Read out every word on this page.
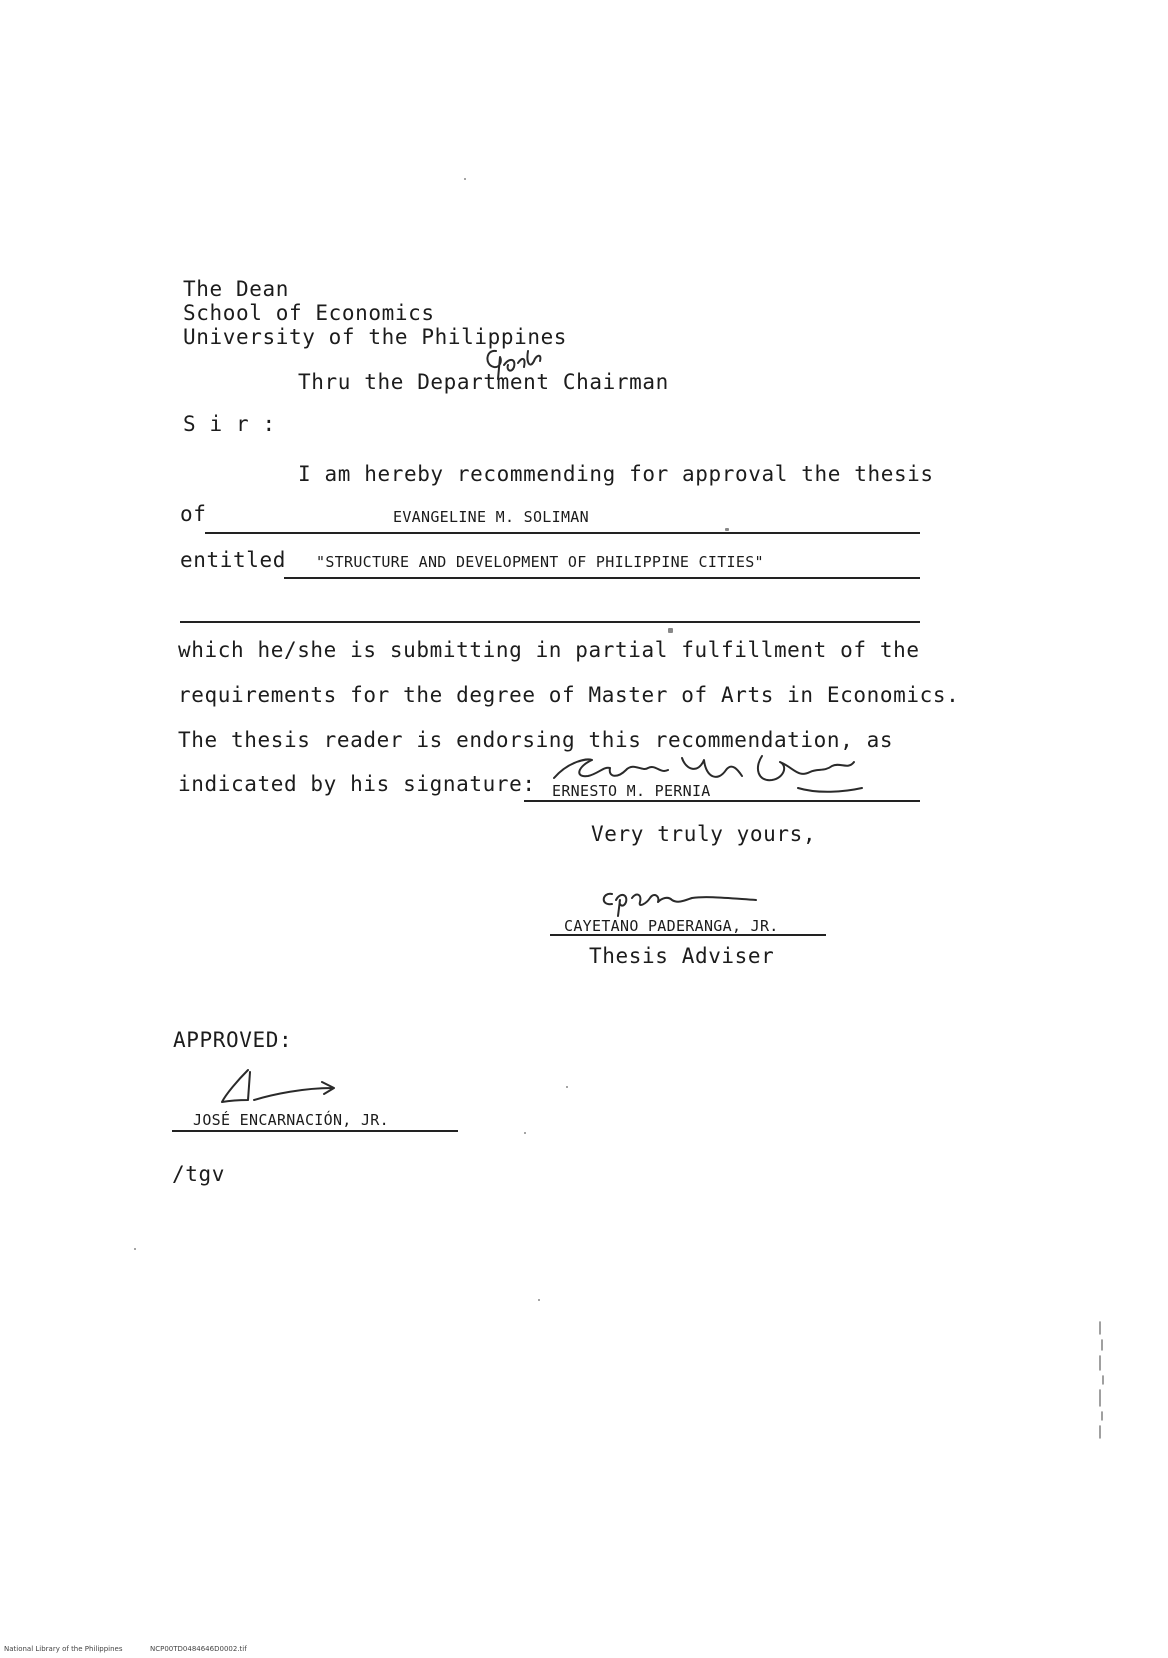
The Dean
School of Economics
University of the Philippines
Thru the Department Chairman
S i r :
I am hereby recommending for approval the thesis
of	EVANGELINE M. SOLIMAN
entitled "STRUCTURE AND DEVELOPMENT OF PHILIPPINE CITIES"
which he/she is submitting in partial fulfillment of the
requirements for the degree of Master of Arts in Economics.
The thesis reader is endorsing this recommendation, as
indicated by his signature: ERNESTO M. PERNIA
Very truly yours,
CAYETANO PADERANGA, JR.
Thesis Adviser
APPROVED:
JOSÉ ENCARNACIÓN, JR.
/tgv
National Library of the Philippines	NCP00TD0484646D0002.tif
